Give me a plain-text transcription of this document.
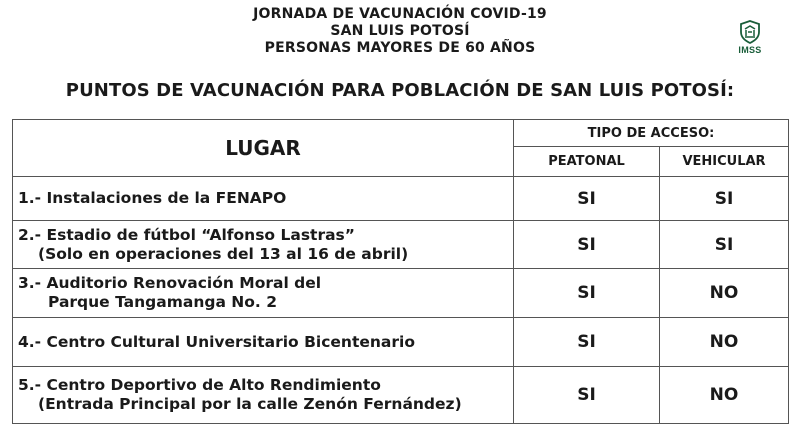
JORNADA DE VACUNACIÓN COVID-19
SAN LUIS POTOSÍ
PERSONAS MAYORES DE 60 AÑOS	IMSS
PUNTOS DE VACUNACIÓN PARA POBLACIÓN DE SAN LUIS POTOSÍ:
LUGAR	TIPO DE ACCESO:	
	PEATONAL	VEHICULAR
1.- Instalaciones de la FENAPO	SI	SI
2.- Estadio de fútbol “Alfonso Lastras”
(Solo en operaciones del 13 al 16 de abril)	SI	SI
3.- Auditorio Renovación Moral del
Parque Tangamanga No. 2	SI	NO
4.- Centro Cultural Universitario Bicentenario	SI	NO
5.- Centro Deportivo de Alto Rendimiento
(Entrada Principal por la calle Zenón Fernández)	SI	NO
